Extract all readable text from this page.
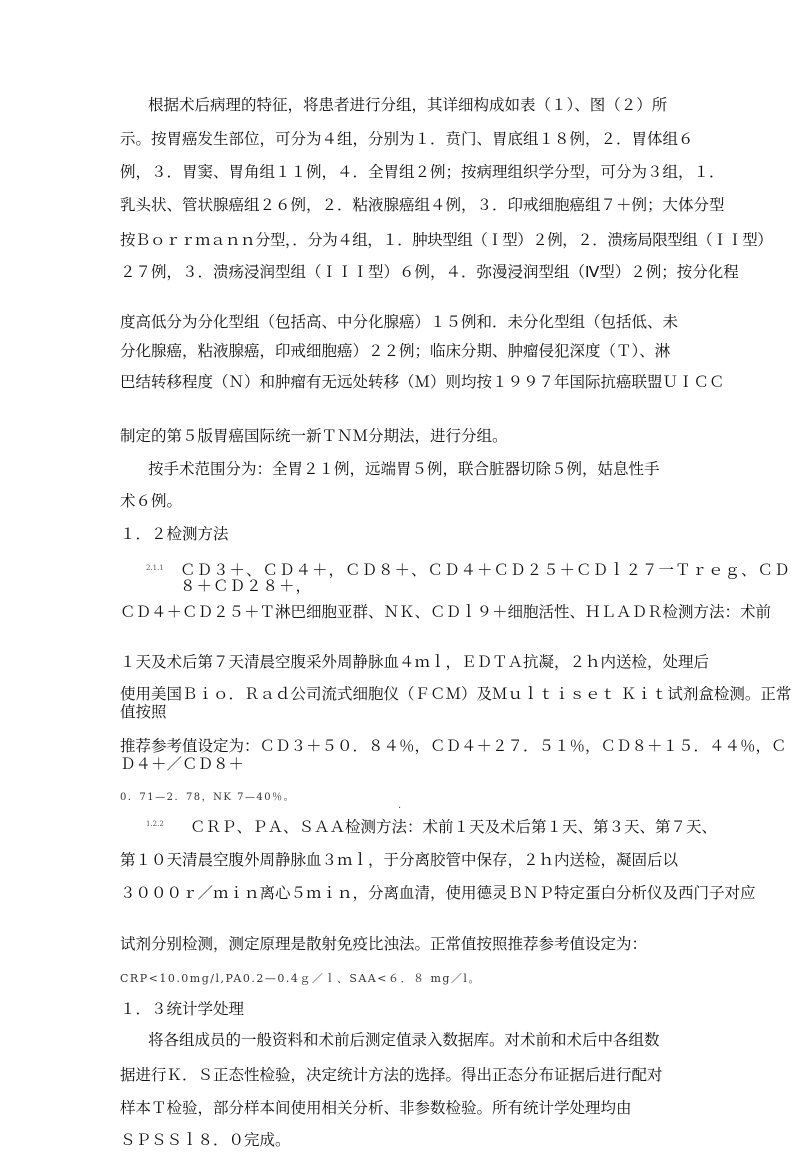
根据术后病理的特征，将患者进行分组，其详细构成如表（１）、图（２）所

示。按胃癌发生部位，可分为４组，分别为１．贲门、胃底组１８例，２．胃体组６

例，３．胃窦、胃角组１１例，４．全胃组２例；按病理组织学分型，可分为３组，１．

乳头状、管状腺癌组２６例，２．粘液腺癌组４例，３．印戒细胞癌组７＋例；大体分型

按Ｂｏｒｒｍａｎｎ分型，．分为４组，１．肿块型组（Ｉ型）２例，２．溃疡局限型组（ＩＩ型）

２７例，３．溃疡浸润型组（ＩＩＩ型）６例，４．弥漫浸润型组（Ⅳ型）２例；按分化程

度高低分为分化型组（包括高、中分化腺癌）１５例和．未分化型组（包括低、未

分化腺癌，粘液腺癌，印戒细胞癌）２２例；临床分期、肿瘤侵犯深度（Ｔ）、淋

巴结转移程度（Ｎ）和肿瘤有无远处转移（Ｍ）则均按１９９７年国际抗癌联盟ＵＩＣＣ

制定的第５版胃癌国际统一新ＴＮＭ分期法，进行分组。

按手术范围分为：全胃２１例，远端胃５例，联合脏器切除５例，姑息性手

术６例。

１．２检测方法

2.1.1 ＣＤ３＋、ＣＤ４＋，ＣＤ８＋、ＣＤ４＋ＣＤ２５＋ＣＤｌ２７一Ｔｒｅｇ、ＣＤ８＋ＣＤ２８＋，

ＣＤ４＋ＣＤ２５＋Ｔ淋巴细胞亚群、ＮＫ、ＣＤｌ９＋细胞活性、ＨＬＡＤＲ检测方法：术前

１天及术后第７天清晨空腹采外周静脉血４ｍｌ，ＥＤＴＡ抗凝，２ｈ内送检，处理后

使用美国Ｂｉｏ．Ｒａｄ公司流式细胞仪（ＦＣＭ）及Ｍｕｌｔｉｓｅｔ Ｋｉｔ试剂盒检测。正常值按照

推荐参考值设定为：ＣＤ３＋５０．８４％，ＣＤ４＋２７．５１％，ＣＤ８＋１５．４４％，ＣＤ４＋／ＣＤ８＋

0．71—2．78，NK 7—40％。

.
1.2.2 ＣＲＰ、ＰＡ、ＳＡＡ检测方法：术前１天及术后第１天、第３天、第７天、

第１０天清晨空腹外周静脉血３ｍｌ，于分离胶管中保存，２ｈ内送检，凝固后以

３０００ｒ／ｍｉｎ离心５ｍｉｎ，分离血清，使用德灵ＢＮＰ特定蛋白分析仪及西门子对应

试剂分别检测，测定原理是散射免疫比浊法。正常值按照推荐参考值设定为：

CRP<10.0mg/l,PA0.2—0.4ｇ／ｌ、SAA<６．８ mg／l。

１．３统计学处理

将各组成员的一般资料和术前后测定值录入数据库。对术前和术后中各组数

据进行Ｋ．Ｓ正态性检验，决定统计方法的选择。得出正态分布证据后进行配对

样本Ｔ检验，部分样本间使用相关分析、非参数检验。所有统计学处理均由

ＳＰＳＳｌ８．０完成。
